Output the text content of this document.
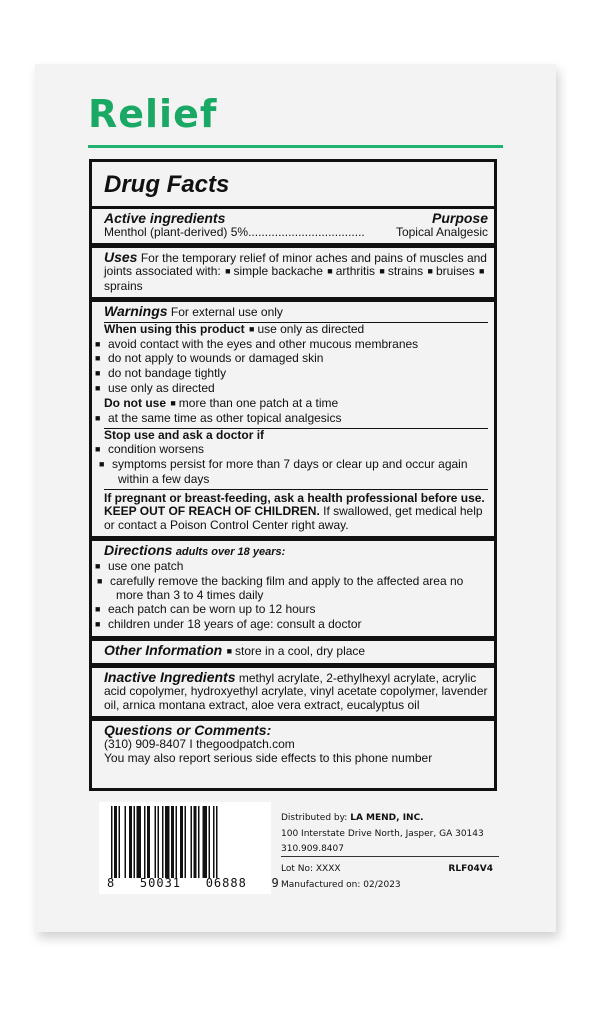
Relief
Drug Facts
Active ingredients	Purpose
Menthol (plant-derived) 5% ...................................	Topical Analgesic
Uses For the temporary relief of minor aches and pains of muscles and joints associated with: ■ simple backache ■ arthritis ■ strains ■ bruises ■sprains
Warnings For external use only
When using this product ■ use only as directed
■ avoid contact with the eyes and other mucous membranes
■ do not apply to wounds or damaged skin
■ do not bandage tightly
■ use only as directed
Do not use ■ more than one patch at a time
■ at the same time as other topical analgesics
Stop use and ask a doctor if
■ condition worsens
■ symptoms persist for more than 7 days or clear up and occur again within a few days
If pregnant or breast-feeding, ask a health professional before use. KEEP OUT OF REACH OF CHILDREN. If swallowed, get medical help or contact a Poison Control Center right away.
Directions adults over 18 years:
■ use one patch
■ carefully remove the backing film and apply to the affected area no more than 3 to 4 times daily
■ each patch can be worn up to 12 hours
■ children under 18 years of age: consult a doctor
Other Information ■ store in a cool, dry place
Inactive Ingredients methyl acrylate, 2-ethylhexyl acrylate, acrylic acid copolymer, hydroxyethyl acrylate, vinyl acetate copolymer, lavender oil, arnica montana extract, aloe vera extract, eucalyptus oil
Questions or Comments:
(310) 909-8407 I thegoodpatch.com
You may also report serious side effects to this phone number
8   50031   06888   9
Distributed by: LA MEND, INC.
100 Interstate Drive North, Jasper, GA 30143
310.909.8407
Lot No: XXXX
Manufactured on: 02/2023
RLF04V4
